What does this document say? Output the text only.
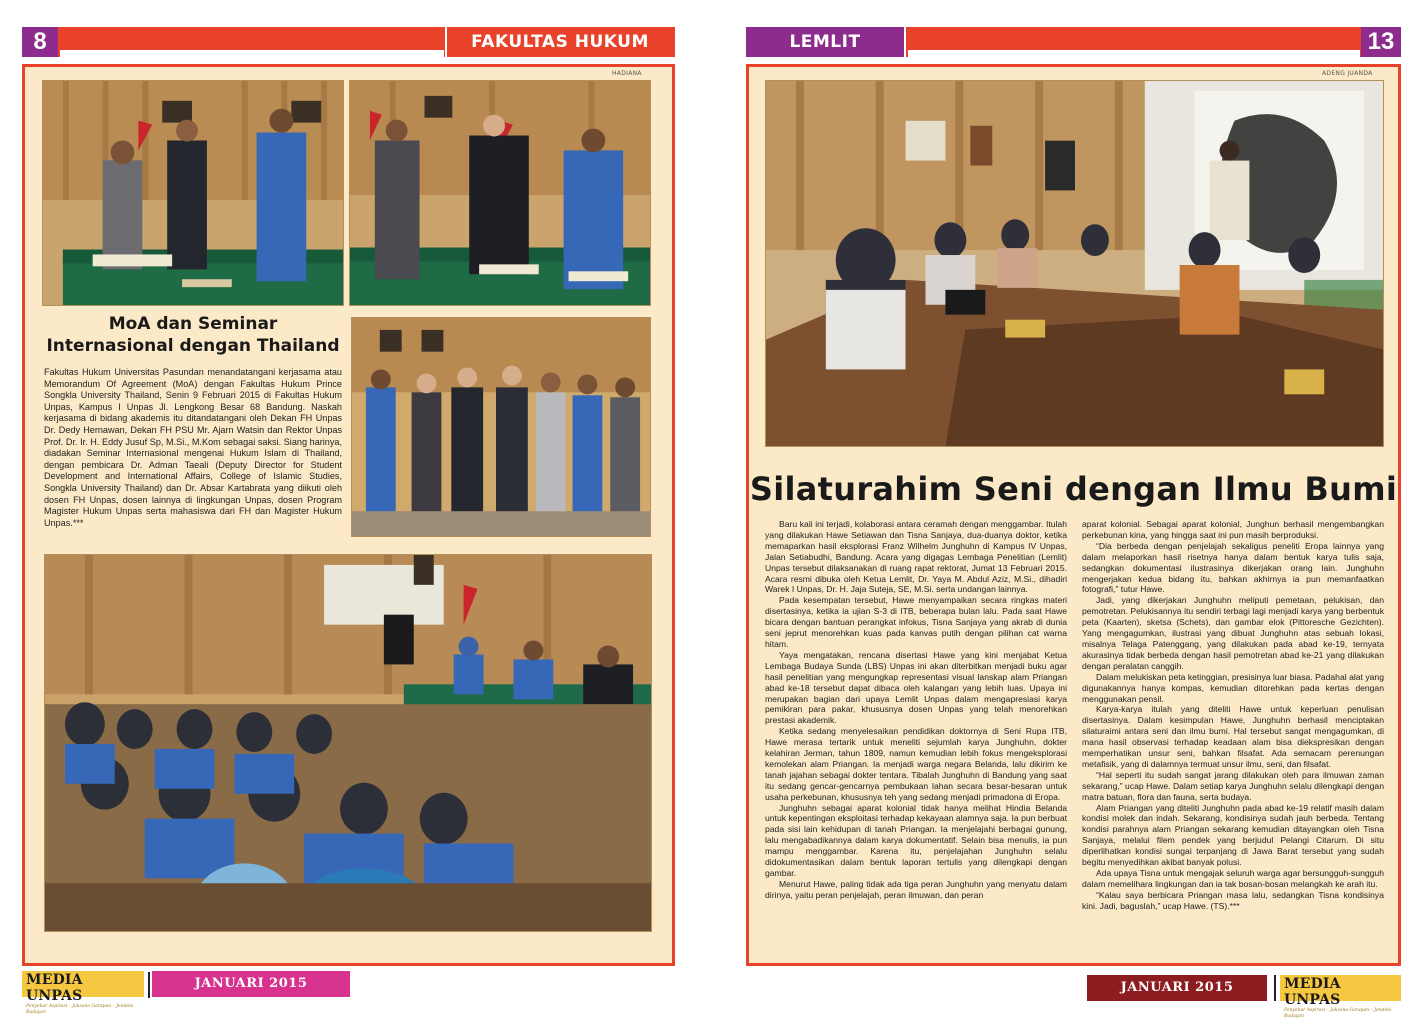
8	FAKULTAS HUKUM	LEMLIT	13
HADIANA
MoA dan Seminar Internasional dengan Thailand
Fakultas Hukum Universitas Pasundan menandatangani kerjasama atau Memorandum Of Agreement (MoA) dengan Fakultas Hukum Prince Songkla University Thailand, Senin 9 Februari 2015 di Fakultas Hukum Unpas, Kampus I Unpas Jl. Lengkong Besar 68 Bandung. Naskah kerjasama di bidang akademis itu ditandatangani oleh Dekan FH Unpas Dr. Dedy Hernawan, Dekan FH PSU Mr. Ajarn Watsin dan Rektor Unpas Prof. Dr. Ir. H. Eddy Jusuf Sp, M.Si., M.Kom sebagai saksi. Siang harinya, diadakan Seminar Internasional mengenai Hukum Islam di Thailand, dengan pembicara Dr. Adman Taeali (Deputy Director for Student Development and International Affairs, College of Islamic Studies, Songkla University Thailand) dan Dr. Absar Kartabrata yang diikuti oleh dosen FH Unpas, dosen lainnya di lingkungan Unpas, dosen Program Magister Hukum Unpas serta mahasiswa dari FH dan Magister Hukum Unpas.***
ADENG JUANDA
Silaturahim Seni dengan Ilmu Bumi

Baru kali ini terjadi, kolaborasi antara ceramah dengan menggambar. Itulah yang dilakukan Hawe Setiawan dan Tisna Sanjaya, dua-duanya doktor, ketika memaparkan hasil eksplorasi Franz Wilhelm Junghuhn di Kampus IV Unpas, Jalan Setiabudhi, Bandung. Acara yang digagas Lembaga Penelitian (Lemlit) Unpas tersebut dilaksanakan di ruang rapat rektorat, Jumat 13 Februari 2015. Acara resmi dibuka oleh Ketua Lemlit, Dr. Yaya M. Abdul Aziz, M.Si., dihadiri Warek I Unpas, Dr. H. Jaja Suteja, SE, M.Si. serta undangan lainnya.

Pada kesempatan tersebut, Hawe menyampaikan secara ringkas materi disertasinya, ketika ia ujian S-3 di ITB, beberapa bulan lalu. Pada saat Hawe bicara dengan bantuan perangkat infokus, Tisna Sanjaya yang akrab di dunia seni jeprut menorehkan kuas pada kanvas putih dengan pilihan cat warna hitam.

Yaya mengatakan, rencana disertasi Hawe yang kini menjabat Ketua Lembaga Budaya Sunda (LBS) Unpas ini akan diterbitkan menjadi buku agar hasil penelitian yang mengungkap representasi visual lanskap alam Priangan abad ke-18 tersebut dapat dibaca oleh kalangan yang lebih luas. Upaya ini merupakan bagian dari upaya Lemlit Unpas dalam mengapresiasi karya pemikiran para pakar, khususnya dosen Unpas yang telah menorehkan prestasi akademik.

Ketika sedang menyelesaikan pendidikan doktornya di Seni Rupa ITB, Hawe merasa tertarik untuk meneliti sejumlah karya Junghuhn, dokter kelahiran Jerman, tahun 1809, namun kemudian lebih fokus mengeksplorasi kemolekan alam Priangan. Ia menjadi warga negara Belanda, lalu dikirim ke tanah jajahan sebagai dokter tentara. Tibalah Junghuhn di Bandung yang saat itu sedang gencar-gencarnya pembukaan lahan secara besar-besaran untuk usaha perkebunan, khususnya teh yang sedang menjadi primadona di Eropa.

Junghuhn sebagai aparat kolonial tidak hanya melihat Hindia Belanda untuk kepentingan eksploitasi terhadap kekayaan alamnya saja. Ia pun berbuat pada sisi lain kehidupan di tanah Priangan. Ia menjelajahi berbagai gunung, lalu mengabadikannya dalam karya dokumentatif. Selain bisa menulis, ia pun mampu menggambar. Karena itu, penjelajahan Junghuhn selalu didokumentasikan dalam bentuk laporan tertulis yang dilengkapi dengan gambar.

Menurut Hawe, paling tidak ada tiga peran Junghuhn yang menyatu dalam dirinya, yaitu peran penjelajah, peran ilmuwan, dan peran

aparat kolonial. Sebagai aparat kolonial, Junghun berhasil mengembangkan perkebunan kina, yang hingga saat ini pun masih berproduksi.

“Dia berbeda dengan penjelajah sekaligus peneliti Eropa lainnya yang dalam melaporkan hasil risetnya hanya dalam bentuk karya tulis saja, sedangkan dokumentasi ilustrasinya dikerjakan orang lain. Junghuhn mengerjakan kedua bidang itu, bahkan akhirnya ia pun memanfaatkan fotografi,” tutur Hawe.

Jadi, yang dikerjakan Junghuhn meliputi pemetaan, pelukisan, dan pemotretan. Pelukisannya itu sendiri terbagi lagi menjadi karya yang berbentuk peta (Kaarten), sketsa (Schets), dan gambar elok (Pittoresche Gezichten). Yang mengagumkan, ilustrasi yang dibuat Junghuhn atas sebuah lokasi, misalnya Telaga Patenggang, yang dilakukan pada abad ke-19, ternyata akurasinya tidak berbeda dengan hasil pemotretan abad ke-21 yang dilakukan dengan peralatan canggih.

Dalam melukiskan peta ketinggian, presisinya luar biasa. Padahal alat yang digunakannya hanya kompas, kemudian ditorehkan pada kertas dengan menggunakan pensil.

Karya-karya itulah yang diteliti Hawe untuk keperluan penulisan disertasinya. Dalam kesimpulan Hawe, Junghuhn berhasil menciptakan silaturaimi antara seni dan ilmu bumi. Hal tersebut sangat mengagumkan, di mana hasil observasi terhadap keadaan alam bisa diekspresikan dengan memperhatikan unsur seni, bahkan filsafat. Ada semacam perenungan metafisik, yang di dalamnya termuat unsur ilmu, seni, dan filsafat.

“Hal seperti itu sudah sangat jarang dilakukan oleh para ilmuwan zaman sekarang,” ucap Hawe. Dalam setiap karya Junghuhn selalu dilengkapi dengan matra batuan, flora dan fauna, serta budaya.

Alam Priangan yang diteliti Junghuhn pada abad ke-19 relatif masih dalam kondisi molek dan indah. Sekarang, kondisinya sudah jauh berbeda. Tentang kondisi parahnya alam Priangan sekarang kemudian ditayangkan oleh Tisna Sanjaya, melalui filem pendek yang berjudul Pelangi Citarum. Di situ diperlihatkan kondisi sungai terpanjang di Jawa Barat tersebut yang sudah begitu menyedihkan akibat banyak polusi.

Ada upaya Tisna untuk mengajak seluruh warga agar bersungguh-sungguh dalam memelihara lingkungan dan ia tak bosan-bosan melangkah ke arah itu.

“Kalau saya berbicara Priangan masa lalu, sedangkan Tisna kondisinya kini. Jadi, baguslah,” ucap Hawe. (TS).***

MEDIA UNPAS
Penyebar Aspirasi – Jaksana Garapan – Jendela Budayan
JANUARI 2015	JANUARI 2015	MEDIA UNPAS
Penyebar Aspirasi – Jaksana Garapan – Jendela Budayan
